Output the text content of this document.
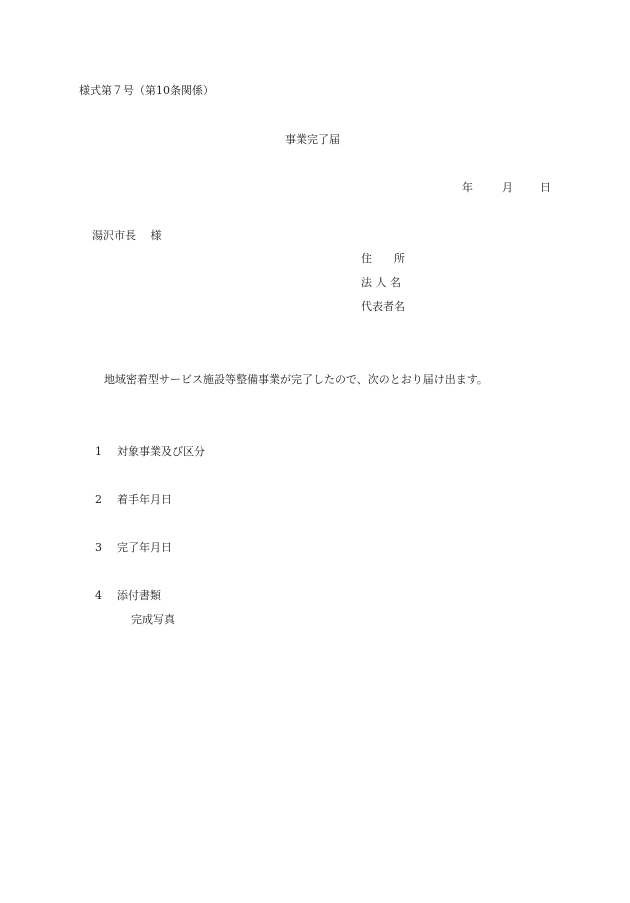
様式第７号（第10条関係）
事業完了届
年	月 日
湯沢市長　 様
住　　所
法 人 名
代表者名
地域密着型サービス施設等整備事業が完了したので、次のとおり届け出ます。
1 対象事業及び区分
2 着手年月日
3 完了年月日
4 添付書類
完成写真
